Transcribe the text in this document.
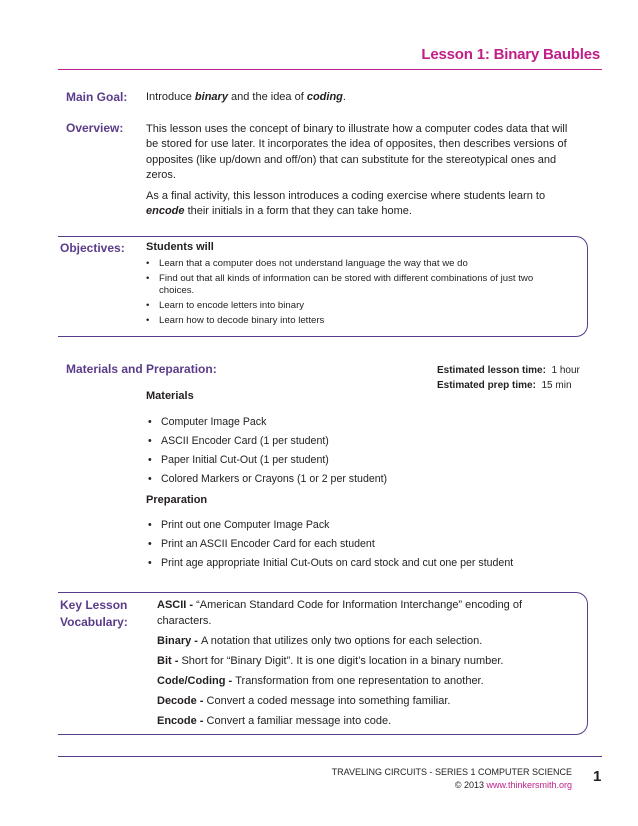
Lesson 1: Binary Baubles
Main Goal: Introduce binary and the idea of coding.
Overview: This lesson uses the concept of binary to illustrate how a computer codes data that will be stored for use later. It incorporates the idea of opposites, then describes versions of opposites (like up/down and off/on) that can substitute for the stereotypical ones and zeros.
As a final activity, this lesson introduces a coding exercise where students learn to encode their initials in a form that they can take home.
Objectives: Students will
• Learn that a computer does not understand language the way that we do
• Find out that all kinds of information can be stored with different combinations of just two choices.
• Learn to encode letters into binary
• Learn how to decode binary into letters
Materials and Preparation:	Estimated lesson time: 1 hour
Estimated prep time: 15 min
Materials
• Computer Image Pack
• ASCII Encoder Card (1 per student)
• Paper Initial Cut-Out (1 per student)
• Colored Markers or Crayons (1 or 2 per student)
Preparation
• Print out one Computer Image Pack
• Print an ASCII Encoder Card for each student
• Print age appropriate Initial Cut-Outs on card stock and cut one per student
Key Lesson
Vocabulary:

ASCII - “American Standard Code for Information Interchange” encoding of characters.

Binary - A notation that utilizes only two options for each selection.

Bit - Short for “Binary Digit”. It is one digit’s location in a binary number.

Code/Coding - Transformation from one representation to another.

Decode - Convert a coded message into something familiar.

Encode - Convert a familiar message into code.

TRAVELING CIRCUITS - SERIES 1 COMPUTER SCIENCE
© 2013 www.thinkersmith.org 1
